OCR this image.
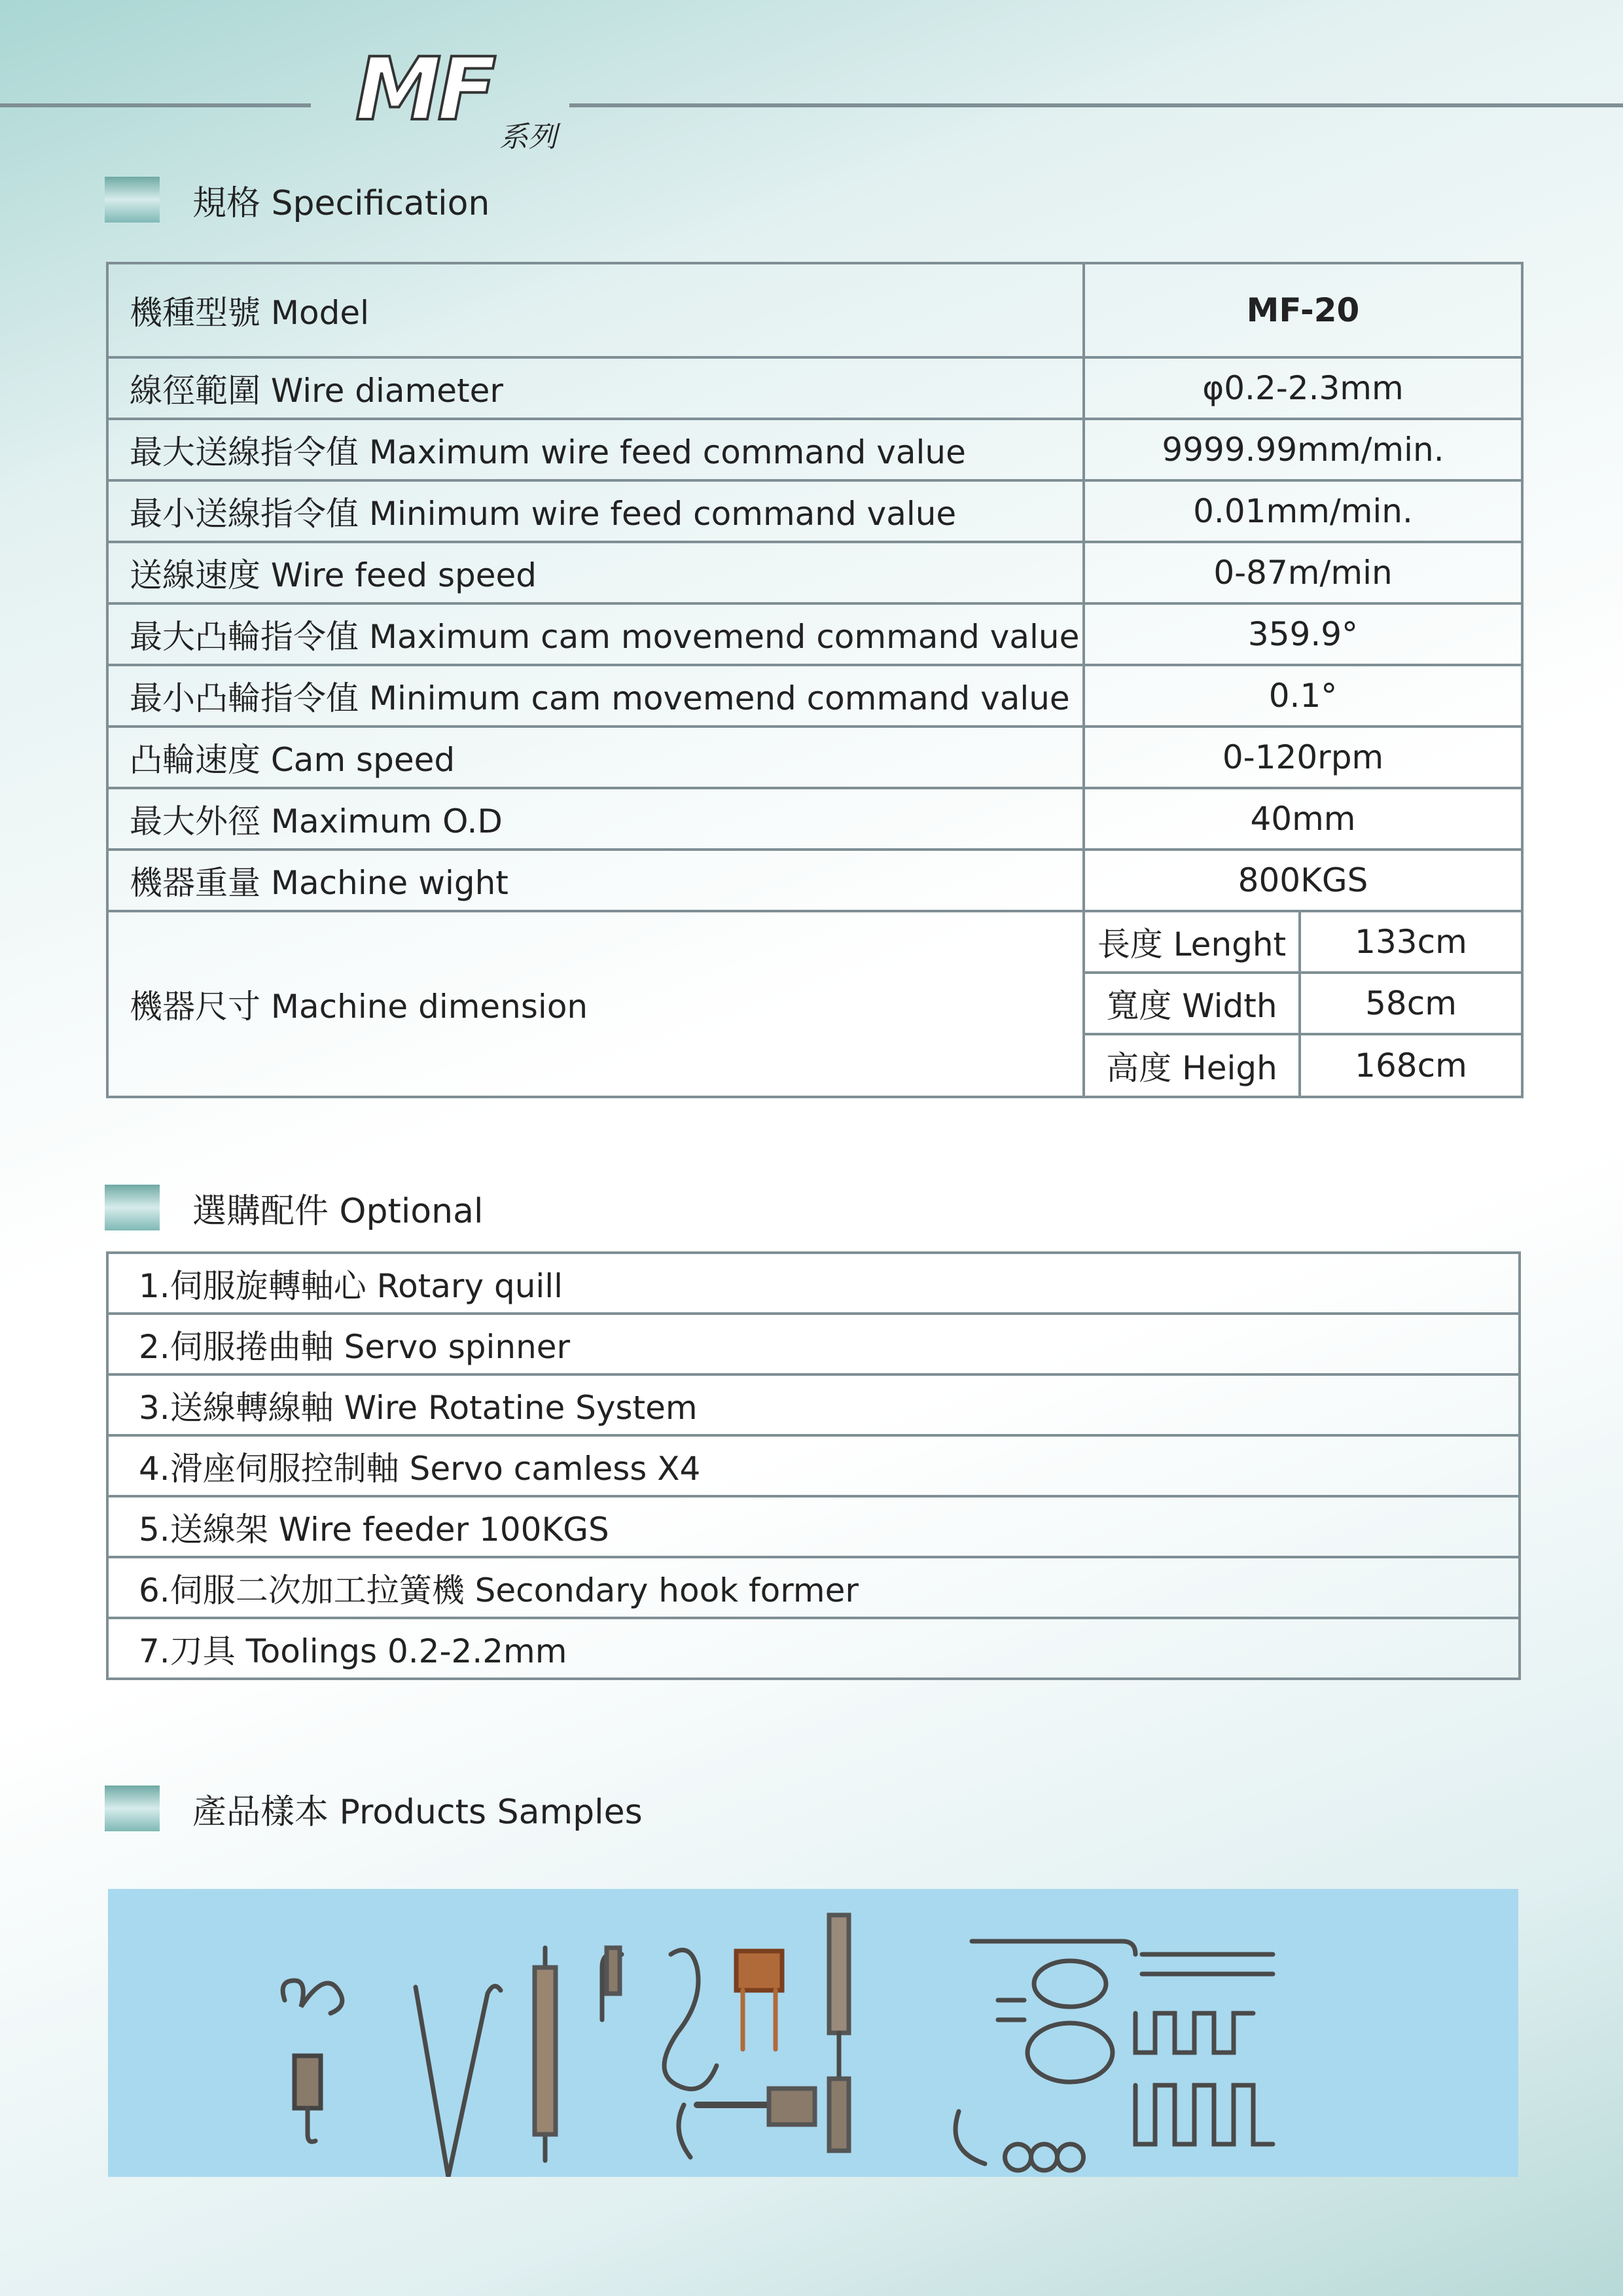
MF 系列
規格 Specification
機種型號 Model	MF-20	
線徑範圍 Wire diameter	φ0.2-2.3mm	
最大送線指令值 Maximum wire feed command value	9999.99mm/min.	
最小送線指令值 Minimum wire feed command value	0.01mm/min.	
送線速度 Wire feed speed	0-87m/min	
最大凸輪指令值 Maximum cam movemend command value	359.9°	
最小凸輪指令值 Minimum cam movemend command value	0.1°	
凸輪速度 Cam speed	0-120rpm	
最大外徑 Maximum O.D	40mm	
機器重量 Machine wight	800KGS	
機器尺寸 Machine dimension	長度 Lenght	133cm
	寬度 Width	58cm
	高度 Heigh	168cm
選購配件 Optional
1.伺服旋轉軸心 Rotary quill
2.伺服捲曲軸 Servo spinner
3.送線轉線軸 Wire Rotatine System
4.滑座伺服控制軸 Servo camless X4
5.送線架 Wire feeder 100KGS
6.伺服二次加工拉簧機 Secondary hook former
7.刀具 Toolings 0.2-2.2mm
產品樣本 Products Samples
